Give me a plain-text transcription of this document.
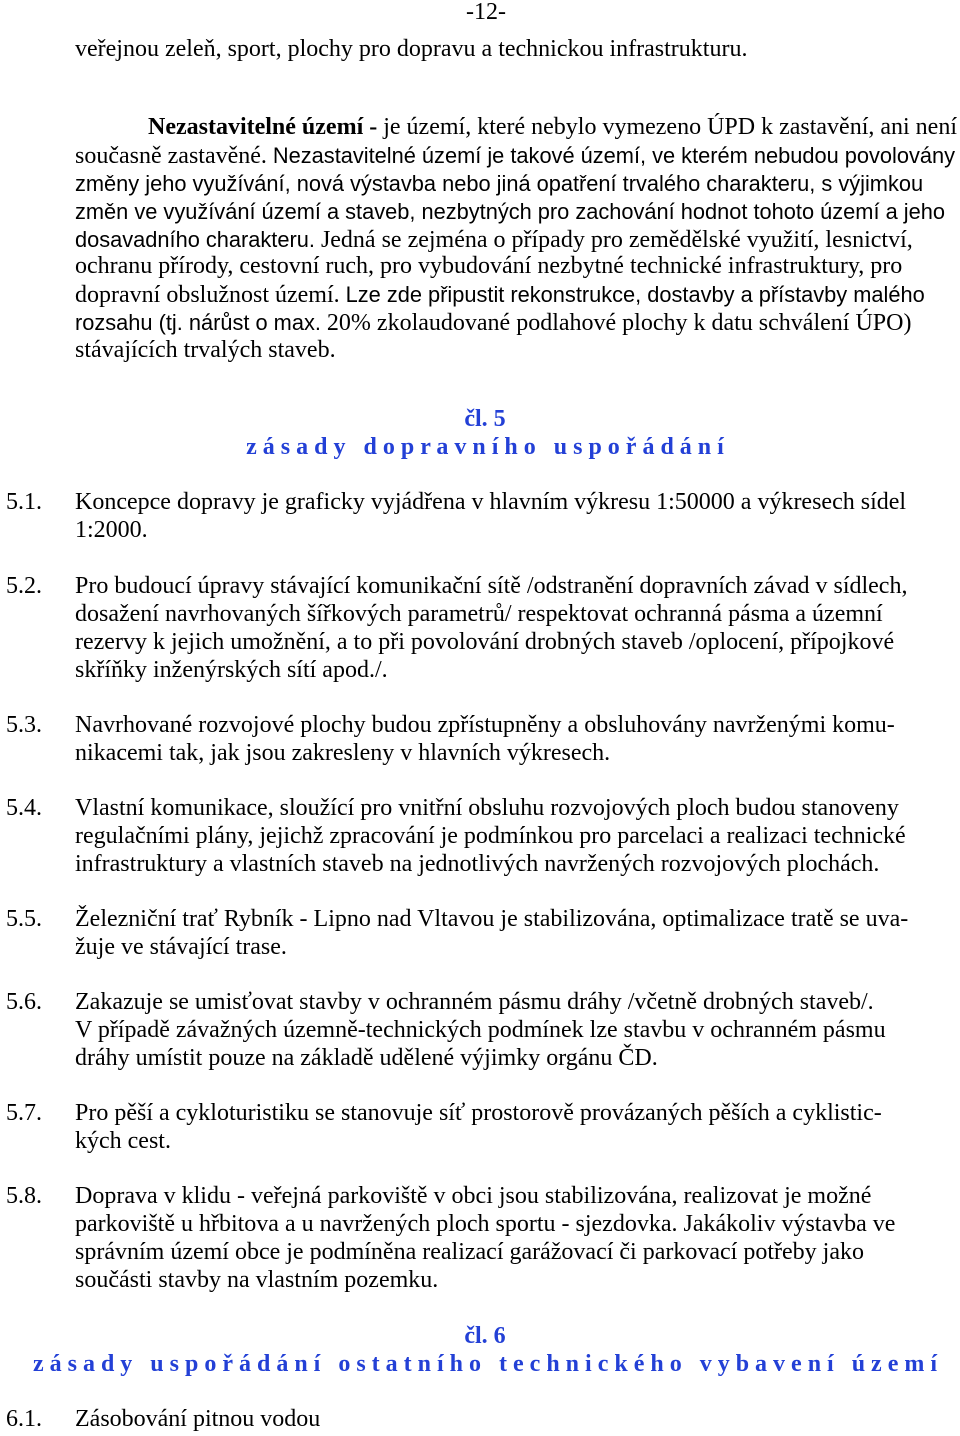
-12-
veřejnou zeleň, sport, plochy pro dopravu a technickou infrastrukturu.
Nezastavitelné území - je území, které nebylo vymezeno ÚPD k zastavění, ani není
současně zastavěné. Nezastavitelné území je takové území, ve kterém nebudou povolovány
změny jeho využívání, nová výstavba nebo jiná opatření trvalého charakteru, s výjimkou
změn ve využívání území a staveb, nezbytných pro zachování hodnot tohoto území a jeho
dosavadního charakteru. Jedná se zejména o případy pro zemědělské využití, lesnictví,
ochranu přírody, cestovní ruch, pro vybudování nezbytné technické infrastruktury, pro
dopravní obslužnost území. Lze zde připustit rekonstrukce, dostavby a přístavby malého
rozsahu (tj. nárůst o max. 20% zkolaudované podlahové plochy k datu schválení ÚPO)
stávajících trvalých staveb.
čl. 5
z á s a d y   d o p r a v n í h o   u s p o ř á d á n í
5.1. Koncepce dopravy je graficky vyjádřena v hlavním výkresu 1:50000 a výkresech sídel
1:2000.
5.2. Pro budoucí úpravy stávající komunikační sítě /odstranění dopravních závad v sídlech,
dosažení navrhovaných šířkových parametrů/ respektovat ochranná pásma a územní
rezervy k jejich umožnění, a to při povolování drobných staveb /oplocení, přípojkové
skříňky inženýrských sítí apod./.
5.3. Navrhované rozvojové plochy budou zpřístupněny a obsluhovány navrženými komu-
nikacemi tak, jak jsou zakresleny v hlavních výkresech.
5.4. Vlastní komunikace, sloužící pro vnitřní obsluhu rozvojových ploch budou stanoveny
regulačními plány, jejichž zpracování je podmínkou pro parcelaci a realizaci technické
infrastruktury a vlastních staveb na jednotlivých navržených rozvojových plochách.
5.5. Železniční trať Rybník - Lipno nad Vltavou je stabilizována, optimalizace tratě se uva-
žuje ve stávající trase.
5.6. Zakazuje se umisťovat stavby v ochranném pásmu dráhy /včetně drobných staveb/.
V případě závažných územně-technických podmínek lze stavbu v ochranném pásmu
dráhy umístit pouze na základě udělené výjimky orgánu ČD.
5.7. Pro pěší a cykloturistiku se stanovuje síť prostorově provázaných pěších a cyklistic-
kých cest.
5.8. Doprava v klidu - veřejná parkoviště v obci jsou stabilizována, realizovat je možné
parkoviště u hřbitova a u navržených ploch sportu - sjezdovka. Jakákoliv výstavba ve
správním území obce je podmíněna realizací garážovací či parkovací potřeby jako
součásti stavby na vlastním pozemku.
čl. 6
z á s a d y   u s p o ř á d á n í   o s t a t n í h o   t e c h n i c k é h o   v y b a v e n í   ú z e m í
6.1. Zásobování pitnou vodou
